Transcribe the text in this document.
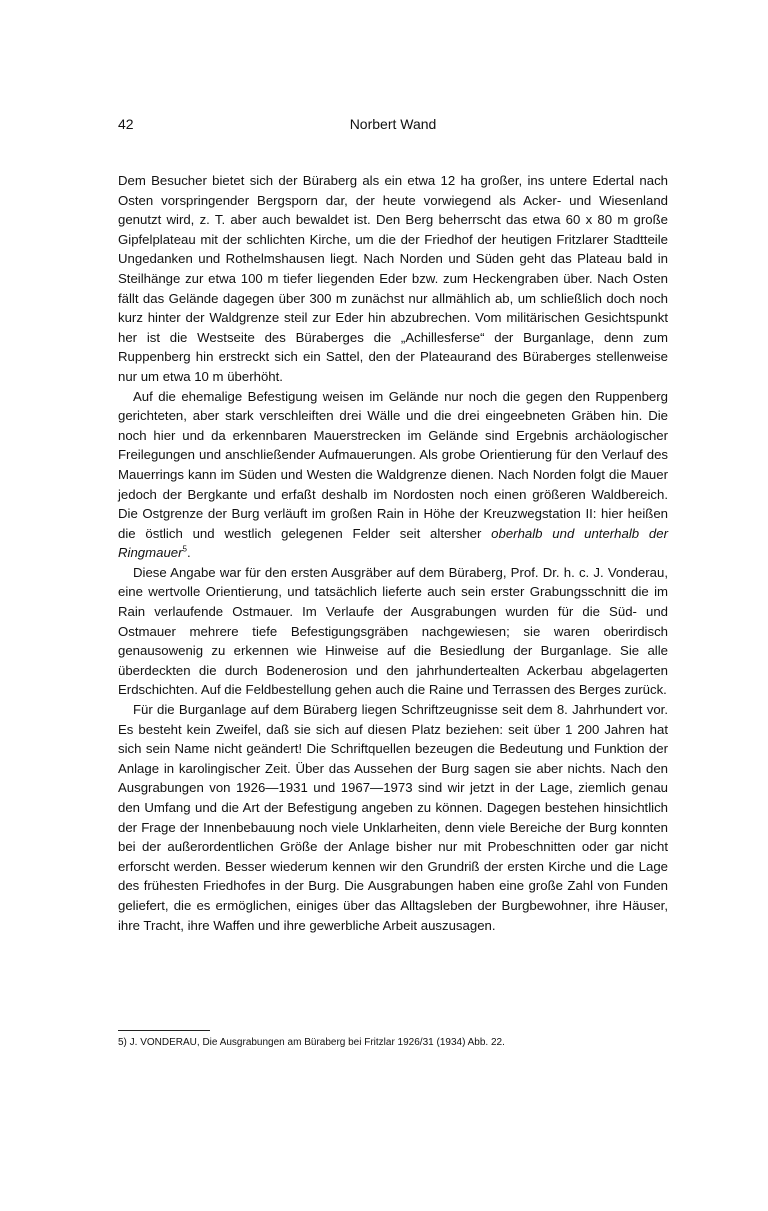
42	Norbert Wand

Dem Besucher bietet sich der Büraberg als ein etwa 12 ha großer, ins untere Edertal nach Osten vorspringender Bergsporn dar, der heute vorwiegend als Acker- und Wiesenland genutzt wird, z. T. aber auch bewaldet ist. Den Berg beherrscht das etwa 60 x 80 m große Gipfelplateau mit der schlichten Kirche, um die der Friedhof der heutigen Fritzlarer Stadtteile Ungedanken und Rothelmshausen liegt. Nach Norden und Süden geht das Plateau bald in Steilhänge zur etwa 100 m tiefer liegenden Eder bzw. zum Heckengraben über. Nach Osten fällt das Gelände dagegen über 300 m zunächst nur allmählich ab, um schließlich doch noch kurz hinter der Waldgrenze steil zur Eder hin abzubrechen. Vom militärischen Gesichtspunkt her ist die Westseite des Büraberges die „Achillesferse“ der Burganlage, denn zum Ruppenberg hin erstreckt sich ein Sattel, den der Plateaurand des Büraberges stellenweise nur um etwa 10 m überhöht.

Auf die ehemalige Befestigung weisen im Gelände nur noch die gegen den Ruppenberg gerichteten, aber stark verschleiften drei Wälle und die drei eingeebneten Gräben hin. Die noch hier und da erkennbaren Mauerstrecken im Gelände sind Ergebnis archäologischer Freilegungen und anschließender Aufmauerungen. Als grobe Orientierung für den Verlauf des Mauerrings kann im Süden und Westen die Waldgrenze dienen. Nach Norden folgt die Mauer jedoch der Bergkante und erfaßt deshalb im Nordosten noch einen größeren Waldbereich. Die Ostgrenze der Burg verläuft im großen Rain in Höhe der Kreuzwegstation II: hier heißen die östlich und westlich gelegenen Felder seit altersher oberhalb und unterhalb der Ringmauer$^5$.

Diese Angabe war für den ersten Ausgräber auf dem Büraberg, Prof. Dr. h. c. J. Vonderau, eine wertvolle Orientierung, und tatsächlich lieferte auch sein erster Grabungsschnitt die im Rain verlaufende Ostmauer. Im Verlaufe der Ausgrabungen wurden für die Süd- und Ostmauer mehrere tiefe Befestigungsgräben nachgewiesen; sie waren oberirdisch genausowenig zu erkennen wie Hinweise auf die Besiedlung der Burganlage. Sie alle überdeckten die durch Bodenerosion und den jahrhundertealten Ackerbau abgelagerten Erdschichten. Auf die Feldbestellung gehen auch die Raine und Terrassen des Berges zurück.

Für die Burganlage auf dem Büraberg liegen Schriftzeugnisse seit dem 8. Jahrhundert vor. Es besteht kein Zweifel, daß sie sich auf diesen Platz beziehen: seit über 1 200 Jahren hat sich sein Name nicht geändert! Die Schriftquellen bezeugen die Bedeutung und Funktion der Anlage in karolingischer Zeit. Über das Aussehen der Burg sagen sie aber nichts. Nach den Ausgrabungen von 1926—1931 und 1967—1973 sind wir jetzt in der Lage, ziemlich genau den Umfang und die Art der Befestigung angeben zu können. Dagegen bestehen hinsichtlich der Frage der Innenbebauung noch viele Unklarheiten, denn viele Bereiche der Burg konnten bei der außerordentlichen Größe der Anlage bisher nur mit Probeschnitten oder gar nicht erforscht werden. Besser wiederum kennen wir den Grundriß der ersten Kirche und die Lage des frühesten Friedhofes in der Burg. Die Ausgrabungen haben eine große Zahl von Funden geliefert, die es ermöglichen, einiges über das Alltagsleben der Burgbewohner, ihre Häuser, ihre Tracht, ihre Waffen und ihre gewerbliche Arbeit auszusagen.

5) J. VONDERAU, Die Ausgrabungen am Büraberg bei Fritzlar 1926/31 (1934) Abb. 22.
